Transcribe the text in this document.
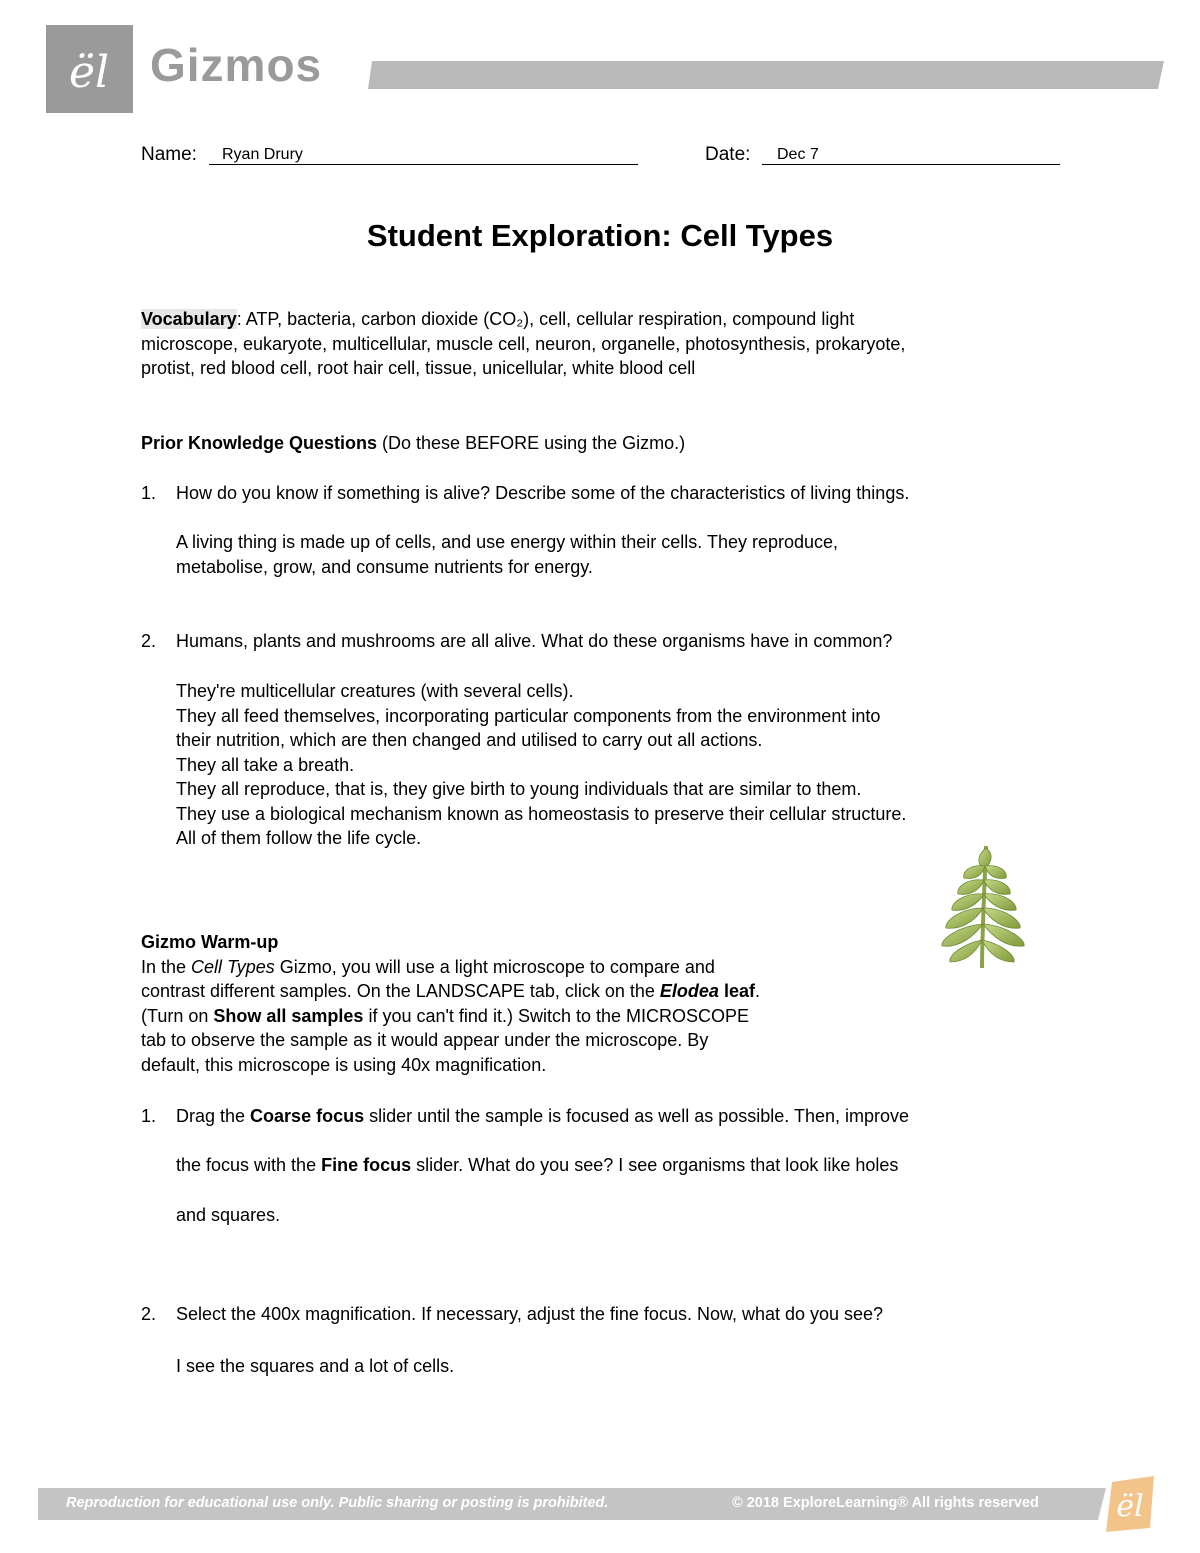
ël Gizmos
Name: Ryan Drury	Date: Dec 7
Student Exploration: Cell Types
Vocabulary: ATP, bacteria, carbon dioxide (CO₂), cell, cellular respiration, compound light
microscope, eukaryote, multicellular, muscle cell, neuron, organelle, photosynthesis, prokaryote,
protist, red blood cell, root hair cell, tissue, unicellular, white blood cell
Prior Knowledge Questions (Do these BEFORE using the Gizmo.)
1. How do you know if something is alive? Describe some of the characteristics of living things.
A living thing is made up of cells, and use energy within their cells. They reproduce,
metabolise, grow, and consume nutrients for energy.
2. Humans, plants and mushrooms are all alive. What do these organisms have in common?
They're multicellular creatures (with several cells).
They all feed themselves, incorporating particular components from the environment into
their nutrition, which are then changed and utilised to carry out all actions.
They all take a breath.
They all reproduce, that is, they give birth to young individuals that are similar to them.
They use a biological mechanism known as homeostasis to preserve their cellular structure.
All of them follow the life cycle.
Gizmo Warm-up
In the Cell Types Gizmo, you will use a light microscope to compare and
contrast different samples. On the LANDSCAPE tab, click on the Elodea leaf.
(Turn on Show all samples if you can't find it.) Switch to the MICROSCOPE
tab to observe the sample as it would appear under the microscope. By
default, this microscope is using 40x magnification.
1. Drag the Coarse focus slider until the sample is focused as well as possible. Then, improve
the focus with the Fine focus slider. What do you see? I see organisms that look like holes
and squares.
2. Select the 400x magnification. If necessary, adjust the fine focus. Now, what do you see?
I see the squares and a lot of cells.
Reproduction for educational use only. Public sharing or posting is prohibited.	© 2018 ExploreLearning® All rights reserved	ël
